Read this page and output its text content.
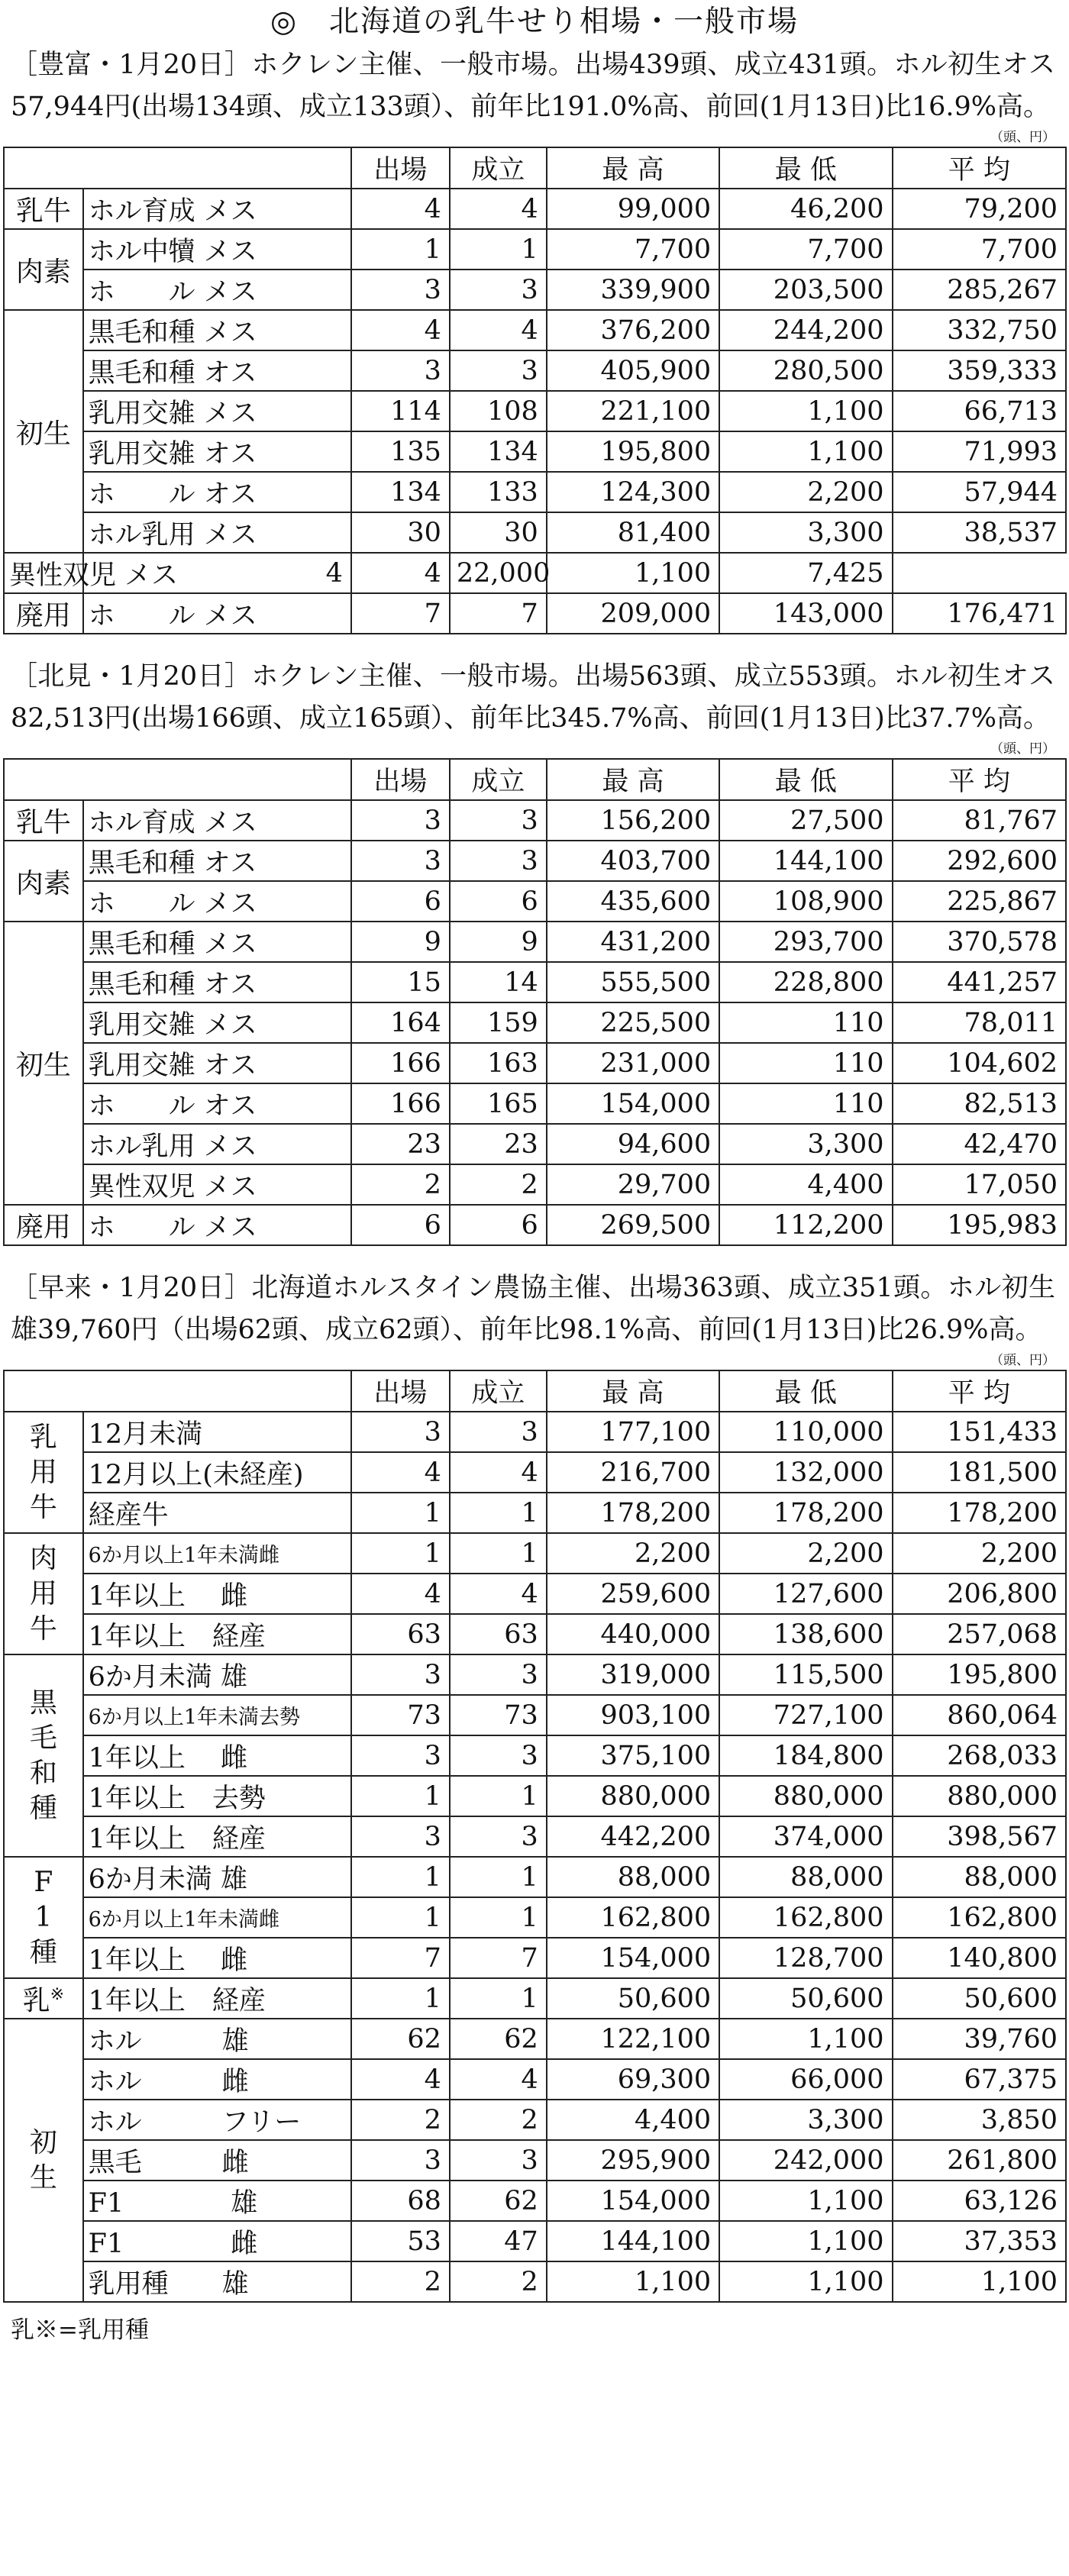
◎　北海道の乳牛せり相場・一般市場
［豊富・1月20日］ホクレン主催、一般市場。出場439頭、成立431頭。ホル初生オス57,944円(出場134頭、成立133頭）、前年比191.0%高、前回(1月13日)比16.9%高。
（頭、円）
		出場	成立	最 高	最 低	平 均
乳牛	ホル育成 メス	4	4	99,000	46,200	79,200
肉素	ホル中犢 メス	1	1	7,700	7,700	7,700
	ホ　　ル メス	3	3	339,900	203,500	285,267
初生	黒毛和種 メス	4	4	376,200	244,200	332,750
	黒毛和種 オス	3	3	405,900	280,500	359,333
	乳用交雑 メス	114	108	221,100	1,100	66,713
	乳用交雑 オス	135	134	195,800	1,100	71,993
	ホ　　ル オス	134	133	124,300	2,200	57,944
	ホル乳用 メス	30	30	81,400	3,300	38,537
異性双児 メス	4	4	22,000	1,100	7,425	
廃用	ホ　　ル メス	7	7	209,000	143,000	176,471
［北見・1月20日］ホクレン主催、一般市場。出場563頭、成立553頭。ホル初生オス82,513円(出場166頭、成立165頭）、前年比345.7%高、前回(1月13日)比37.7%高。
（頭、円）
		出場	成立	最 高	最 低	平 均
乳牛	ホル育成 メス	3	3	156,200	27,500	81,767
肉素	黒毛和種 オス	3	3	403,700	144,100	292,600
	ホ　　ル メス	6	6	435,600	108,900	225,867
初生	黒毛和種 メス	9	9	431,200	293,700	370,578
	黒毛和種 オス	15	14	555,500	228,800	441,257
	乳用交雑 メス	164	159	225,500	110	78,011
	乳用交雑 オス	166	163	231,000	110	104,602
	ホ　　ル オス	166	165	154,000	110	82,513
	ホル乳用 メス	23	23	94,600	3,300	42,470
	異性双児 メス	2	2	29,700	4,400	17,050
廃用	ホ　　ル メス	6	6	269,500	112,200	195,983
［早来・1月20日］北海道ホルスタイン農協主催、出場363頭、成立351頭。ホル初生雄39,760円（出場62頭、成立62頭）、前年比98.1%高、前回(1月13日)比26.9%高。
（頭、円）
		出場	成立	最 高	最 低	平 均

乳
用
牛	12月未満	3	3	177,100	110,000	151,433
	12月以上(未経産)	4	4	216,700	132,000	181,500
	経産牛	1	1	178,200	178,200	178,200

肉
用
牛	6か月以上1年未満雌	1	1	2,200	2,200	2,200
	1年以上　 雌	4	4	259,600	127,600	206,800
	1年以上　経産	63	63	440,000	138,600	257,068

黒
毛
和
種	6か月未満 雄	3	3	319,000	115,500	195,800
	6か月以上1年未満去勢	73	73	903,100	727,100	860,064
	1年以上　 雌	3	3	375,100	184,800	268,033
	1年以上　去勢	1	1	880,000	880,000	880,000
	1年以上　経産	3	3	442,200	374,000	398,567

F
1
種	6か月未満 雄	1	1	88,000	88,000	88,000
	6か月以上1年未満雌	1	1	162,800	162,800	162,800
	1年以上　 雌	7	7	154,000	128,700	140,800
乳※	1年以上　経産	1	1	50,600	50,600	50,600

初
生	ホル　　　雄	62	62	122,100	1,100	39,760
	ホル　　　雌	4	4	69,300	66,000	67,375
	ホル　　　フリー	2	2	4,400	3,300	3,850
	黒毛　　　雌	3	3	295,900	242,000	261,800
	F1　　　　雄	68	62	154,000	1,100	63,126
	F1　　　　雌	53	47	144,100	1,100	37,353
	乳用種　　雄	2	2	1,100	1,100	1,100
乳※=乳用種
